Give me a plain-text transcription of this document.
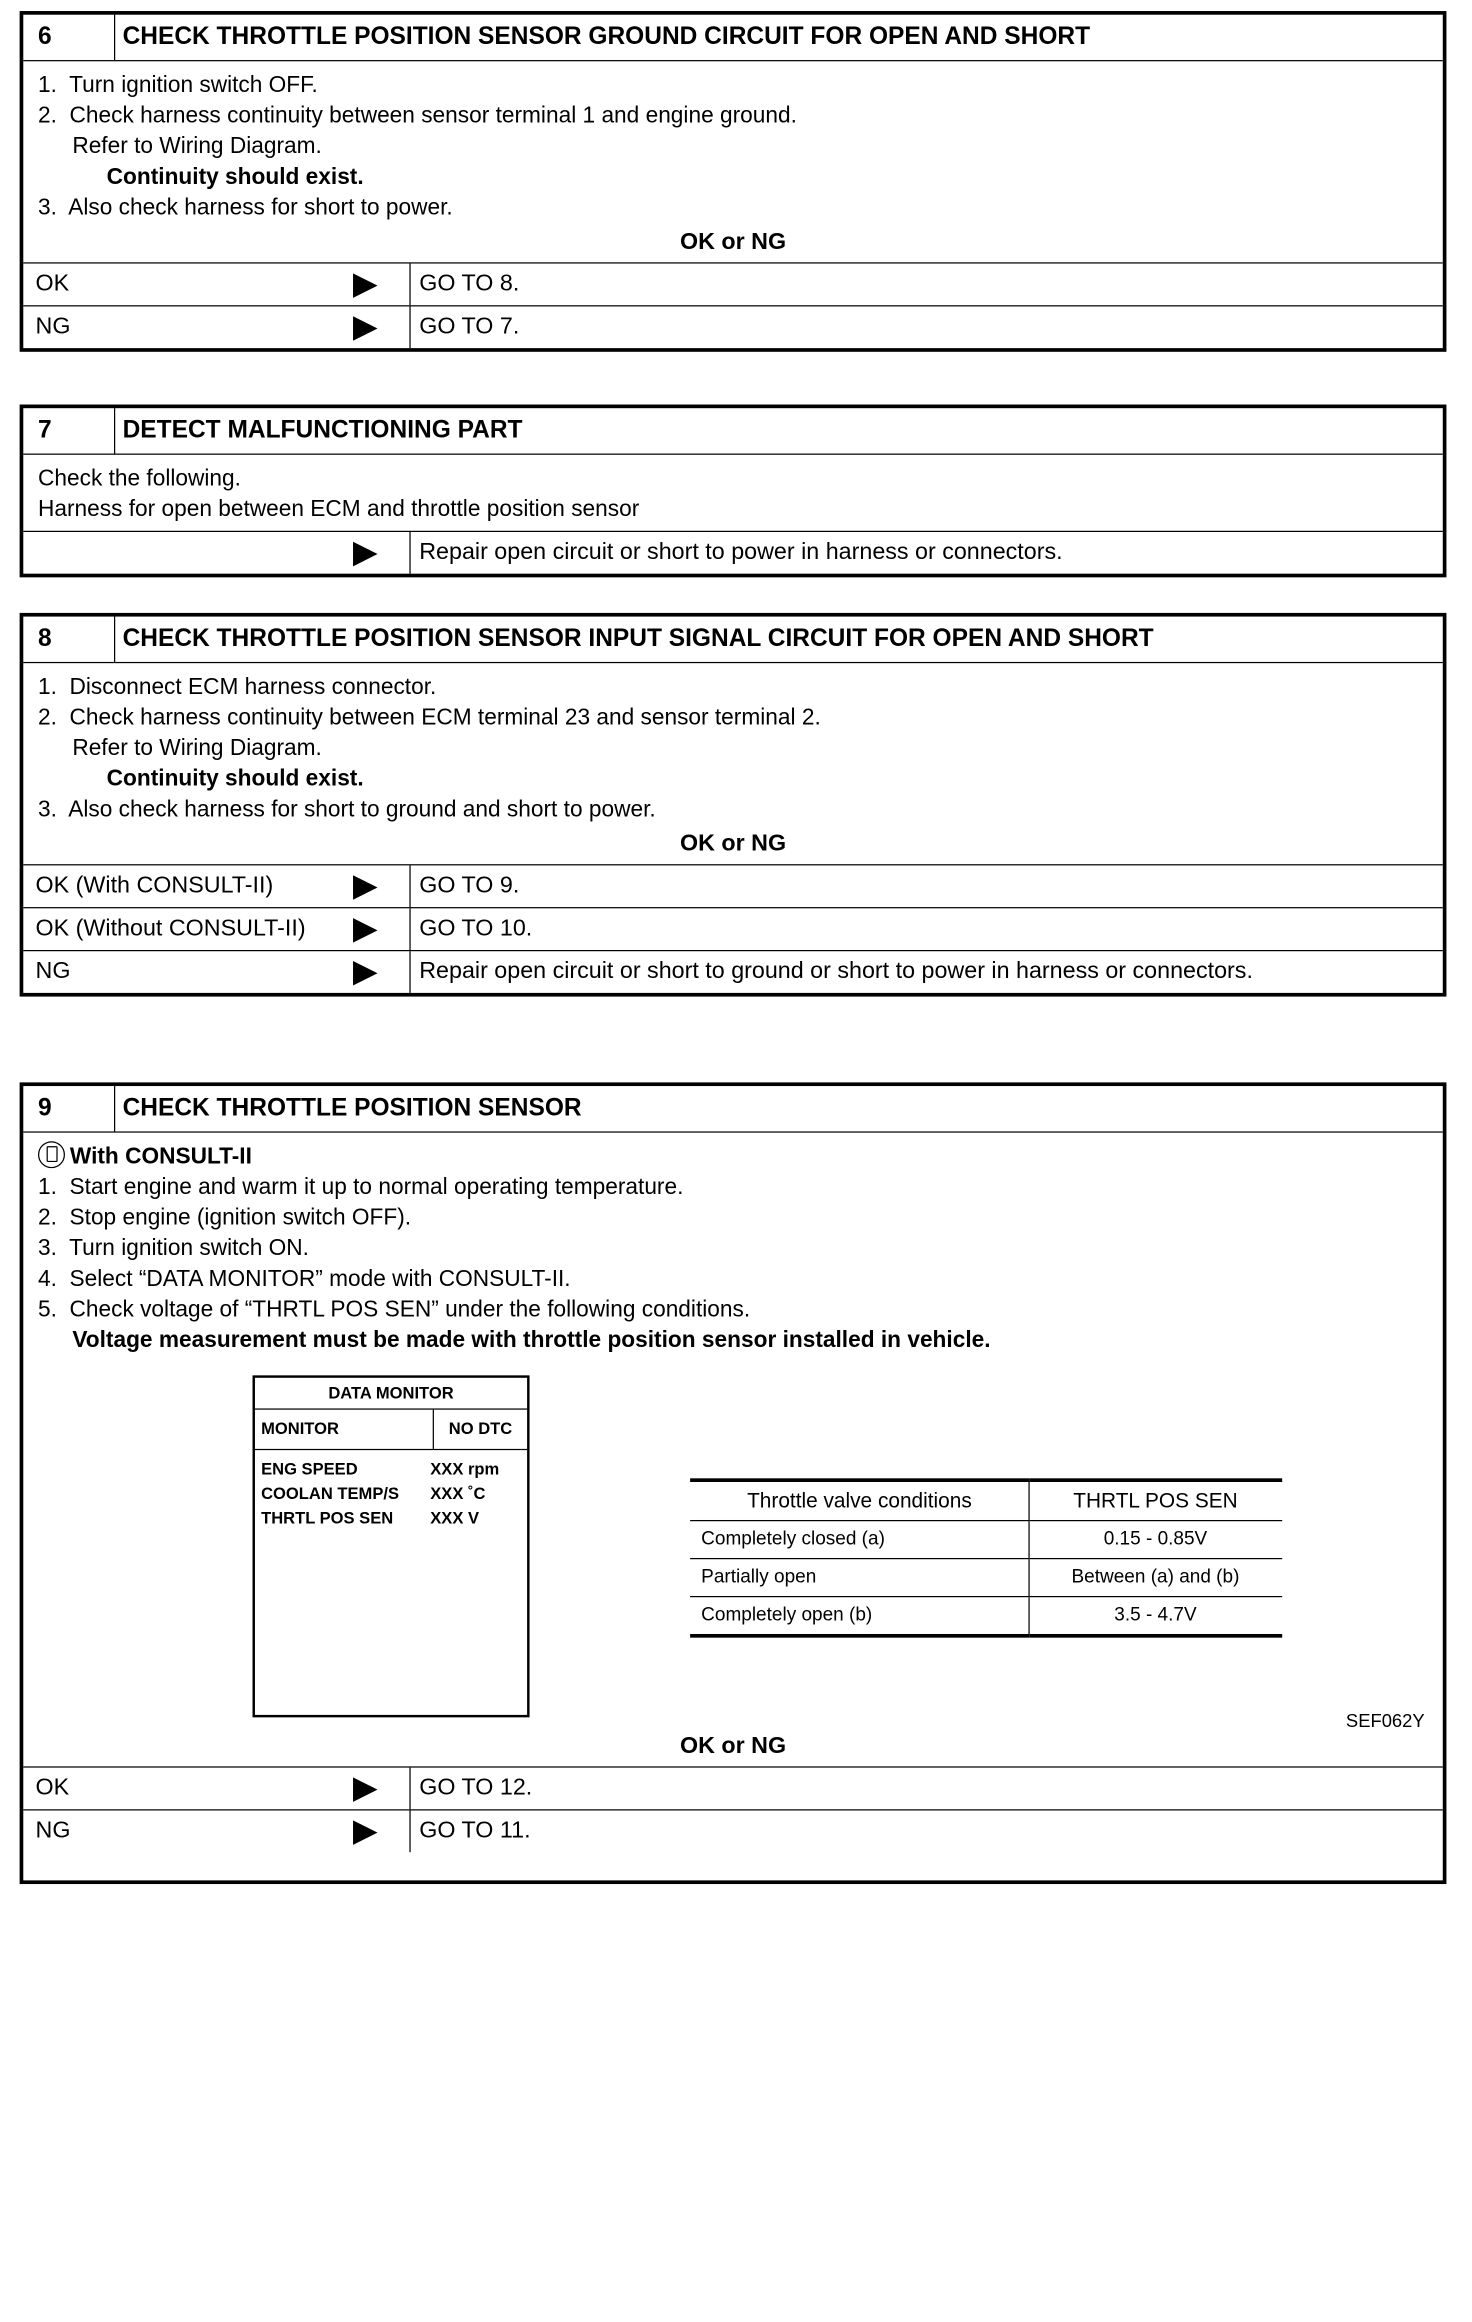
6	CHECK THROTTLE POSITION SENSOR GROUND CIRCUIT FOR OPEN AND SHORT
1.  Turn ignition switch OFF.
2.  Check harness continuity between sensor terminal 1 and engine ground.
Refer to Wiring Diagram.
Continuity should exist.
3.  Also check harness for short to power.
OK or NG
OK	GO TO 8.
NG	GO TO 7.
7	DETECT MALFUNCTIONING PART
Check the following.
Harness for open between ECM and throttle position sensor
Repair open circuit or short to power in harness or connectors.
8	CHECK THROTTLE POSITION SENSOR INPUT SIGNAL CIRCUIT FOR OPEN AND SHORT
1.  Disconnect ECM harness connector.
2.  Check harness continuity between ECM terminal 23 and sensor terminal 2.
Refer to Wiring Diagram.
Continuity should exist.
3.  Also check harness for short to ground and short to power.
OK or NG
OK (With CONSULT-II)	GO TO 9.
OK (Without CONSULT-II)	GO TO 10.
NG	Repair open circuit or short to ground or short to power in harness or connectors.
9	CHECK THROTTLE POSITION SENSOR
With CONSULT-II
1.  Start engine and warm it up to normal operating temperature.
2.  Stop engine (ignition switch OFF).
3.  Turn ignition switch ON.
4.  Select “DATA MONITOR” mode with CONSULT-II.
5.  Check voltage of “THRTL POS SEN” under the following conditions.
Voltage measurement must be made with throttle position sensor installed in vehicle.
OK or NG
OK	GO TO 12.
NG	GO TO 11.
DATA MONITOR
MONITOR	NO DTC
ENG SPEED	XXX rpm
COOLAN TEMP/S	XXX ˚C
THRTL POS SEN	XXX V
Throttle valve conditions	THRTL POS SEN
Completely closed (a)	0.15 - 0.85V
Partially open	Between (a) and (b)
Completely open (b)	3.5 - 4.7V
SEF062Y
